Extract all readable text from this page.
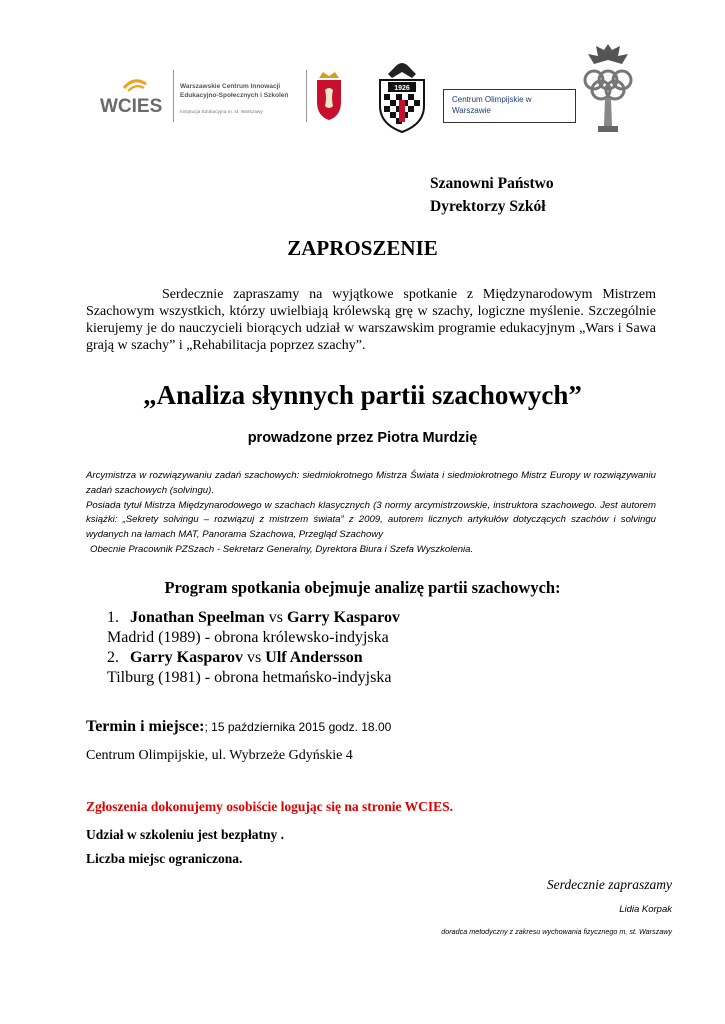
WCIES
Warszawskie Centrum Innowacji Edukacyjno-Społecznych i Szkoleń
Instytucja Edukacyjna m. st. Warszawy
1926
Centrum Olimpijskie w Warszawie
Szanowni Państwo
Dyrektorzy Szkół
ZAPROSZENIE
Serdecznie zapraszamy na wyjątkowe spotkanie z Międzynarodowym Mistrzem Szachowym wszystkich, którzy uwielbiają królewską grę w szachy, logiczne myślenie. Szczególnie kierujemy je do nauczycieli biorących udział w warszawskim programie edukacyjnym „Wars i Sawa grają w szachy” i „Rehabilitacja poprzez szachy”.
„Analiza słynnych partii szachowych”
prowadzone przez Piotra Murdzię

Arcymistrza w rozwiązywaniu zadań szachowych: siedmiokrotnego Mistrza Świata i siedmiokrotnego Mistrz Europy w rozwiązywaniu zadań szachowych (solvingu).

Posiada tytuł Mistrza Międzynarodowego w szachach klasycznych (3 normy arcymistrzowskie, instruktora szachowego. Jest autorem książki: „Sekrety solvingu – rozwiązuj z mistrzem świata” z 2009, autorem licznych artykułów dotyczących szachów i solvingu wydanych na łamach MAT, Panorama Szachowa, Przegląd Szachowy

Obecnie Pracownik PZSzach - Sekretarz Generalny, Dyrektora Biura i Szefa Wyszkolenia.

Program spotkania obejmuje analizę partii szachowych:
1. Jonathan Speelman vs Garry Kasparov
Madrid (1989) - obrona królewsko-indyjska
2. Garry Kasparov vs Ulf Andersson
Tilburg (1981) - obrona hetmańsko-indyjska
Termin i miejsce:; 15 października 2015 godz. 18.00
Centrum Olimpijskie, ul. Wybrzeże Gdyńskie 4
Zgłoszenia dokonujemy osobiście logując się na stronie WCIES.
Udział w szkoleniu jest bezpłatny .
Liczba miejsc ograniczona.
Serdecznie zapraszamy
Lidia Korpak
doradca metodyczny z zakresu wychowania fizycznego m. st. Warszawy
